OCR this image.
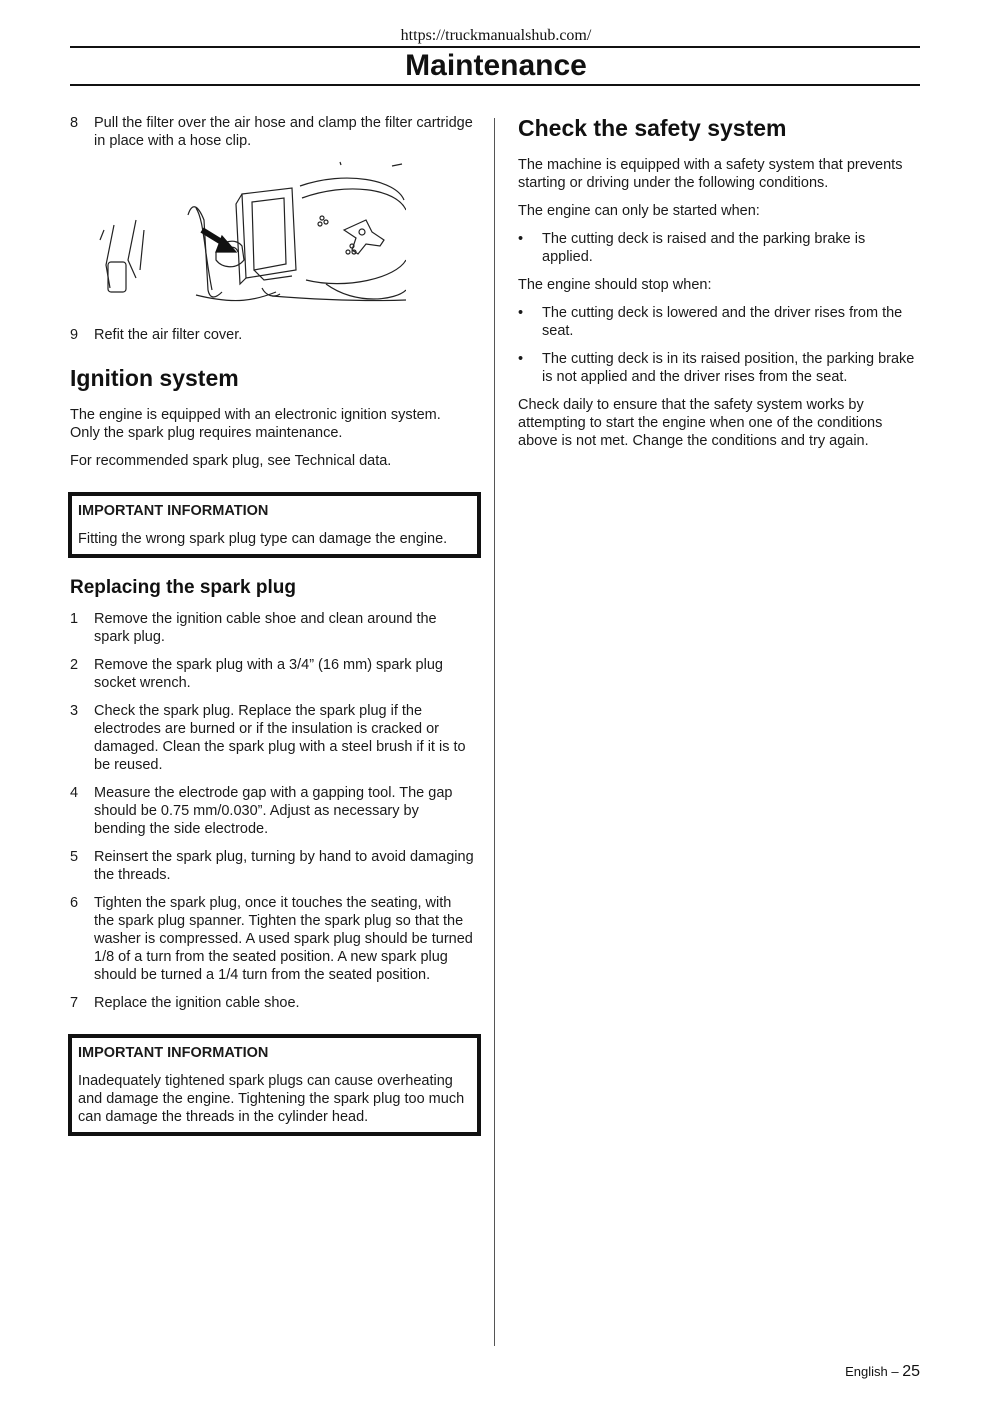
https://truckmanualshub.com/
Maintenance
8	Pull the filter over the air hose and clamp the filter cartridge in place with a hose clip.
9	Refit the air filter cover.
Ignition system

The engine is equipped with an electronic ignition system. Only the spark plug requires maintenance.

For recommended spark plug, see Technical data.

IMPORTANT INFORMATION
Fitting the wrong spark plug type can damage the engine.
Replacing the spark plug
1	Remove the ignition cable shoe and clean around the spark plug.
2	Remove the spark plug with a 3/4” (16 mm) spark plug socket wrench.
3	Check the spark plug. Replace the spark plug if the electrodes are burned or if the insulation is cracked or damaged. Clean the spark plug with a steel brush if it is to be reused.
4	Measure the electrode gap with a gapping tool. The gap should be 0.75 mm/0.030”. Adjust as necessary by bending the side electrode.
5	Reinsert the spark plug, turning by hand to avoid damaging the threads.
6	Tighten the spark plug, once it touches the seating, with the spark plug spanner. Tighten the spark plug so that the washer is compressed. A used spark plug should be turned 1/8 of a turn from the seated position. A new spark plug should be turned a 1/4 turn from the seated position.
7	Replace the ignition cable shoe.
IMPORTANT INFORMATION
Inadequately tightened spark plugs can cause overheating and damage the engine. Tightening the spark plug too much can damage the threads in the cylinder head.
Check the safety system

The machine is equipped with a safety system that prevents starting or driving under the following conditions.

The engine can only be started when:

•	The cutting deck is raised and the parking brake is applied.

The engine should stop when:

•	The cutting deck is lowered and the driver rises from the seat.
•	The cutting deck is in its raised position, the parking brake is not applied and the driver rises from the seat.

Check daily to ensure that the safety system works by attempting to start the engine when one of the conditions above is not met. Change the conditions and try again.

English – 25
